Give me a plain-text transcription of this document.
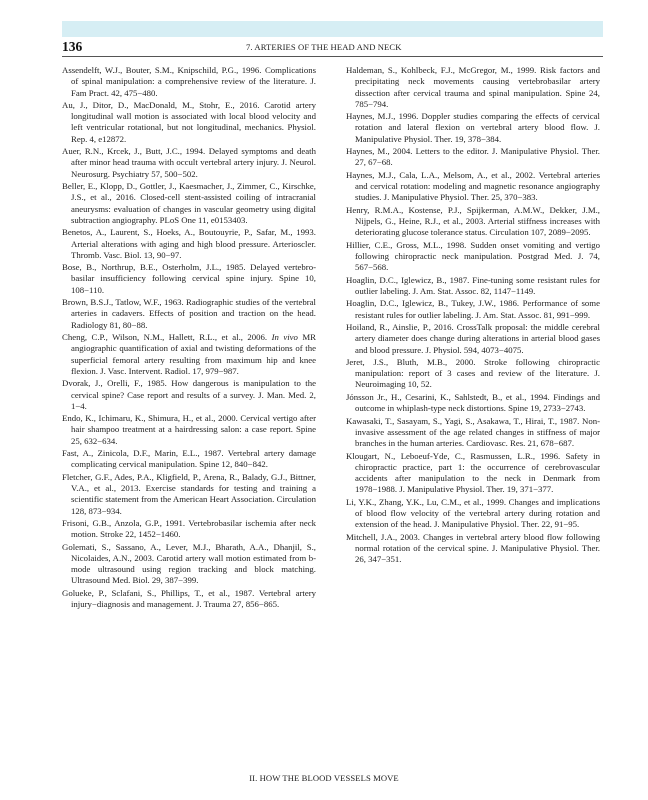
136	7. ARTERIES OF THE HEAD AND NECK

Assendelft, W.J., Bouter, S.M., Knipschild, P.G., 1996. Complications of spinal manipulation: a comprehensive review of the literature. J. Fam Pract. 42, 475−480.

Au, J., Ditor, D., MacDonald, M., Stohr, E., 2016. Carotid artery longitudinal wall motion is associated with local blood velocity and left ventricular rotational, but not longitudinal, mechanics. Physiol. Rep. 4, e12872.

Auer, R.N., Krcek, J., Butt, J.C., 1994. Delayed symptoms and death after minor head trauma with occult vertebral artery injury. J. Neurol. Neurosurg. Psychiatry 57, 500−502.

Beller, E., Klopp, D., Gottler, J., Kaesmacher, J., Zimmer, C., Kirschke, J.S., et al., 2016. Closed-cell stent-assisted coiling of intracranial aneurysms: evaluation of changes in vascular geometry using digital subtraction angiography. PLoS One 11, e0153403.

Benetos, A., Laurent, S., Hoeks, A., Boutouyrie, P., Safar, M., 1993. Arterial alterations with aging and high blood pressure. Arterioscler. Thromb. Vasc. Biol. 13, 90−97.

Bose, B., Northrup, B.E., Osterholm, J.L., 1985. Delayed vertebro-basilar insufficiency following cervical spine injury. Spine 10, 108−110.

Brown, B.S.J., Tatlow, W.F., 1963. Radiographic studies of the vertebral arteries in cadavers. Effects of position and traction on the head. Radiology 81, 80−88.

Cheng, C.P., Wilson, N.M., Hallett, R.L., et al., 2006. In vivo MR angiographic quantification of axial and twisting deformations of the superficial femoral artery resulting from maximum hip and knee flexion. J. Vasc. Intervent. Radiol. 17, 979−987.

Dvorak, J., Orelli, F., 1985. How dangerous is manipulation to the cervical spine? Case report and results of a survey. J. Man. Med. 2, 1−4.

Endo, K., Ichimaru, K., Shimura, H., et al., 2000. Cervical vertigo after hair shampoo treatment at a hairdressing salon: a case report. Spine 25, 632−634.

Fast, A., Zinicola, D.F., Marin, E.L., 1987. Vertebral artery damage complicating cervical manipulation. Spine 12, 840−842.

Fletcher, G.F., Ades, P.A., Kligfield, P., Arena, R., Balady, G.J., Bittner, V.A., et al., 2013. Exercise standards for testing and training a scientific statement from the American Heart Association. Circulation 128, 873−934.

Frisoni, G.B., Anzola, G.P., 1991. Vertebrobasilar ischemia after neck motion. Stroke 22, 1452−1460.

Golemati, S., Sassano, A., Lever, M.J., Bharath, A.A., Dhanjil, S., Nicolaides, A.N., 2003. Carotid artery wall motion estimated from b-mode ultrasound using region tracking and block matching. Ultrasound Med. Biol. 29, 387−399.

Golueke, P., Sclafani, S., Phillips, T., et al., 1987. Vertebral artery injury−diagnosis and management. J. Trauma 27, 856−865.

Haldeman, S., Kohlbeck, F.J., McGregor, M., 1999. Risk factors and precipitating neck movements causing vertebrobasilar artery dissection after cervical trauma and spinal manipulation. Spine 24, 785−794.

Haynes, M.J., 1996. Doppler studies comparing the effects of cervical rotation and lateral flexion on vertebral artery blood flow. J. Manipulative Physiol. Ther. 19, 378−384.

Haynes, M., 2004. Letters to the editor. J. Manipulative Physiol. Ther. 27, 67−68.

Haynes, M.J., Cala, L.A., Melsom, A., et al., 2002. Vertebral arteries and cervical rotation: modeling and magnetic resonance angiography studies. J. Manipulative Physiol. Ther. 25, 370−383.

Henry, R.M.A., Kostense, P.J., Spijkerman, A.M.W., Dekker, J.M., Nijpels, G., Heine, R.J., et al., 2003. Arterial stiffness increases with deteriorating glucose tolerance status. Circulation 107, 2089−2095.

Hillier, C.E., Gross, M.L., 1998. Sudden onset vomiting and vertigo following chiropractic neck manipulation. Postgrad Med. J. 74, 567−568.

Hoaglin, D.C., Iglewicz, B., 1987. Fine-tuning some resistant rules for outlier labeling. J. Am. Stat. Assoc. 82, 1147−1149.

Hoaglin, D.C., Iglewicz, B., Tukey, J.W., 1986. Performance of some resistant rules for outlier labeling. J. Am. Stat. Assoc. 81, 991−999.

Hoiland, R., Ainslie, P., 2016. CrossTalk proposal: the middle cerebral artery diameter does change during alterations in arterial blood gases and blood pressure. J. Physiol. 594, 4073−4075.

Jeret, J.S., Bluth, M.B., 2000. Stroke following chiropractic manipulation: report of 3 cases and review of the literature. J. Neuroimaging 10, 52.

Jónsson Jr., H., Cesarini, K., Sahlstedt, B., et al., 1994. Findings and outcome in whiplash-type neck distortions. Spine 19, 2733−2743.

Kawasaki, T., Sasayam, S., Yagi, S., Asakawa, T., Hirai, T., 1987. Non-invasive assessment of the age related changes in stiffness of major branches in the human arteries. Cardiovasc. Res. 21, 678−687.

Klougart, N., Leboeuf-Yde, C., Rasmussen, L.R., 1996. Safety in chiropractic practice, part 1: the occurrence of cerebrovascular accidents after manipulation to the neck in Denmark from 1978−1988. J. Manipulative Physiol. Ther. 19, 371−377.

Li, Y.K., Zhang, Y.K., Lu, C.M., et al., 1999. Changes and implications of blood flow velocity of the vertebral artery during rotation and extension of the head. J. Manipulative Physiol. Ther. 22, 91−95.

Mitchell, J.A., 2003. Changes in vertebral artery blood flow following normal rotation of the cervical spine. J. Manipulative Physiol. Ther. 26, 347−351.

II. HOW THE BLOOD VESSELS MOVE
